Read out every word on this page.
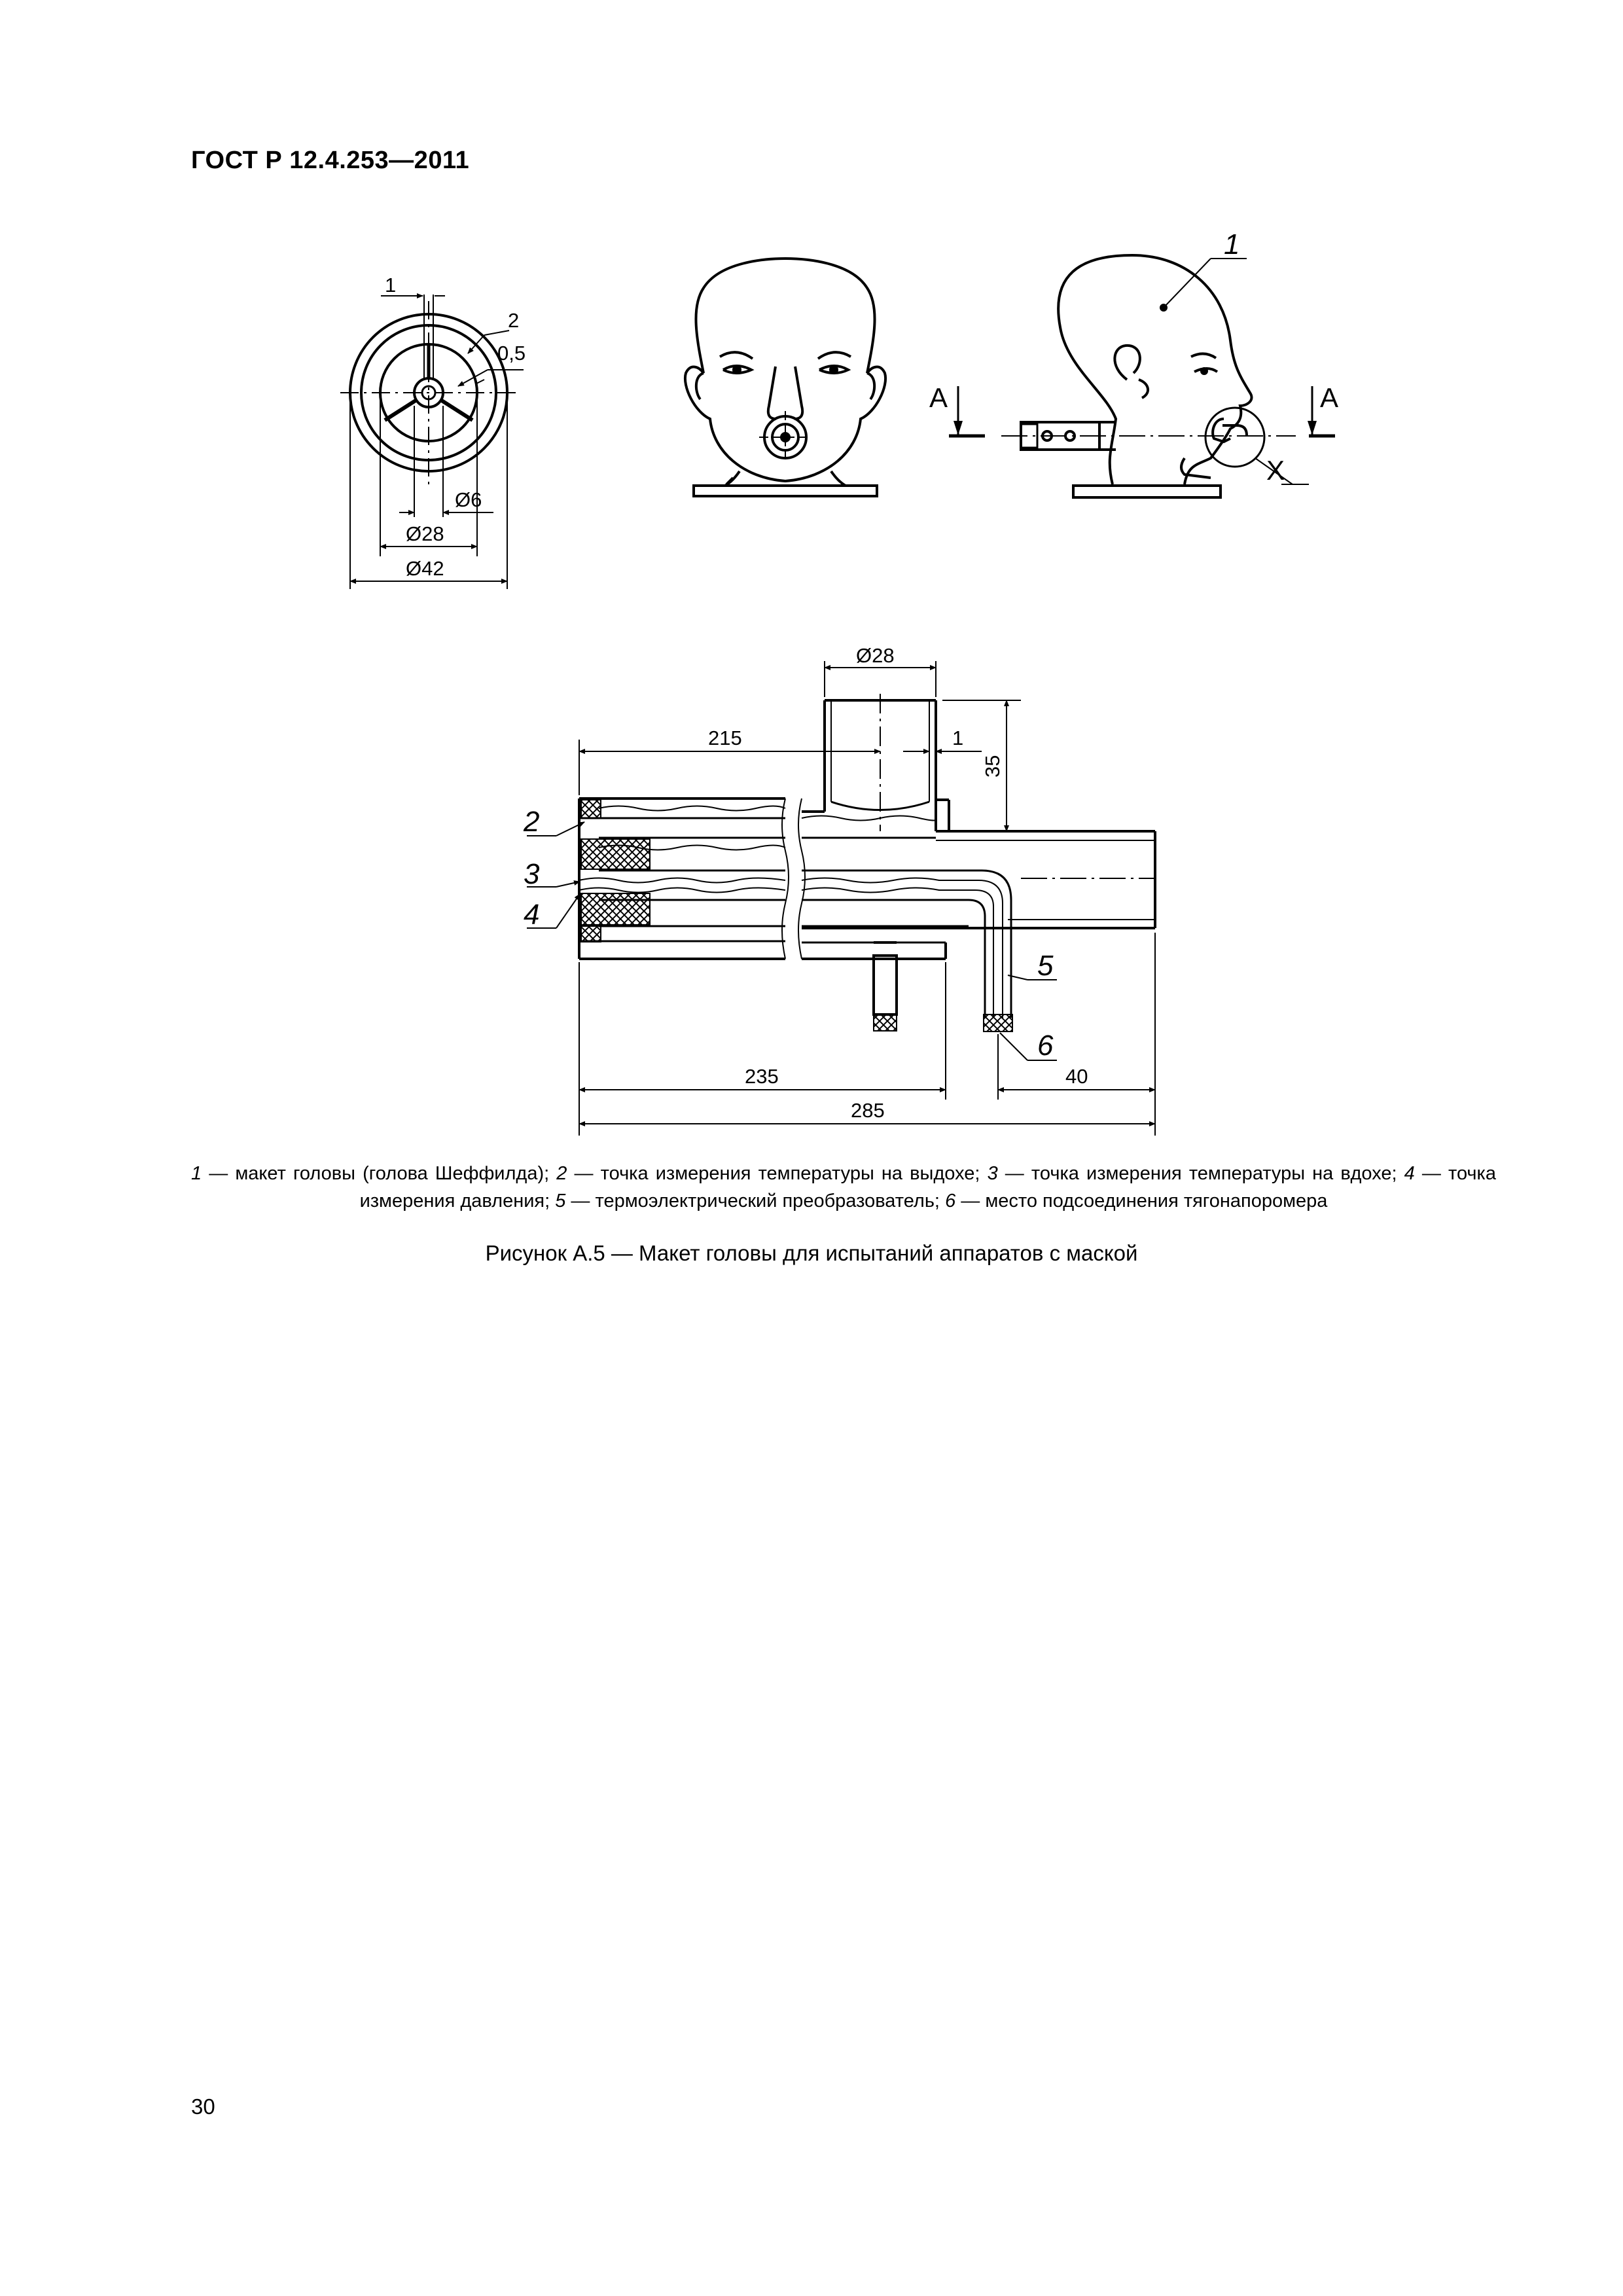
ГОСТ Р 12.4.253—2011
1
2
0,5
Ø6
Ø28
Ø42
1
A	A
X
Ø28
215	1
35
235	40
285
2
3
4
5
6
1 — макет головы (голова Шеффилда); 2 — точка измерения температуры на выдохе; 3 — точка измерения температуры на вдохе; 4 — точка измерения давления; 5 — термоэлектрический преобразователь; 6 — место подсоединения тягонапоромера
Рисунок А.5 — Макет головы для испытаний аппаратов с маской
30
